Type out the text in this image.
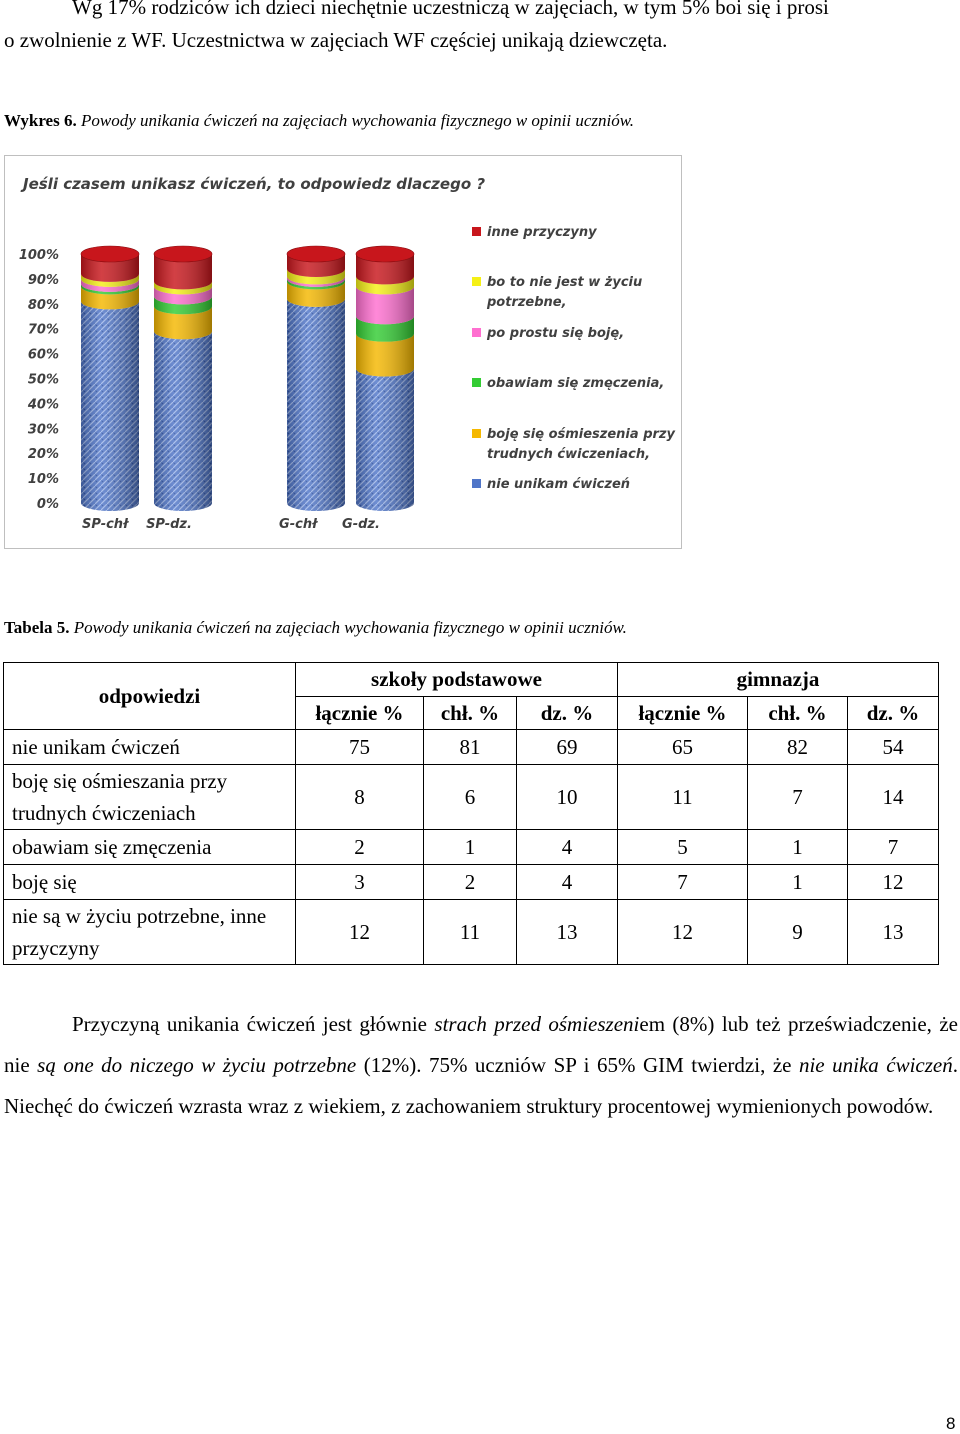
Wg 17% rodziców ich dzieci niechętnie uczestniczą w zajęciach, w tym 5% boi się i prosi
o zwolnienie z WF. Uczestnictwa w zajęciach WF częściej unikają dziewczęta.
Wykres 6. Powody unikania ćwiczeń na zajęciach wychowania fizycznego w opinii uczniów.
Jeśli czasem unikasz ćwiczeń, to odpowiedz dlaczego ?
0%
10%
20%
30%
40%
50%
60%
70%
80%
90%
100%
SP-chł SP-dz.	G-chł G-dz.
inne przyczyny
bo to nie jest w życiu
potrzebne,
po prostu się boję,
obawiam się zmęczenia,
boję się ośmieszenia przy
trudnych ćwiczeniach,
nie unikam ćwiczeń
Tabela 5. Powody unikania ćwiczeń na zajęciach wychowania fizycznego w opinii uczniów.
odpowiedzi	szkoły podstawowe			gimnazja		
	łącznie %	chł. %	dz. %	łącznie %	chł. %	dz. %
nie unikam ćwiczeń	75	81	69	65	82	54
boję się ośmieszania przy trudnych ćwiczeniach	8	6	10	11	7	14
obawiam się zmęczenia	2	1	4	5	1	7
boję się	3	2	4	7	1	12
nie są w życiu potrzebne, inne przyczyny	12	11	13	12	9	13
Przyczyną unikania ćwiczeń jest głównie strach przed ośmieszeniem (8%) lub też przeświadczenie, że nie są one do niczego w życiu potrzebne (12%). 75% uczniów SP i 65% GIM twierdzi, że nie unika ćwiczeń. Niechęć do ćwiczeń wzrasta wraz z wiekiem, z zachowaniem struktury procentowej wymienionych powodów.
8
